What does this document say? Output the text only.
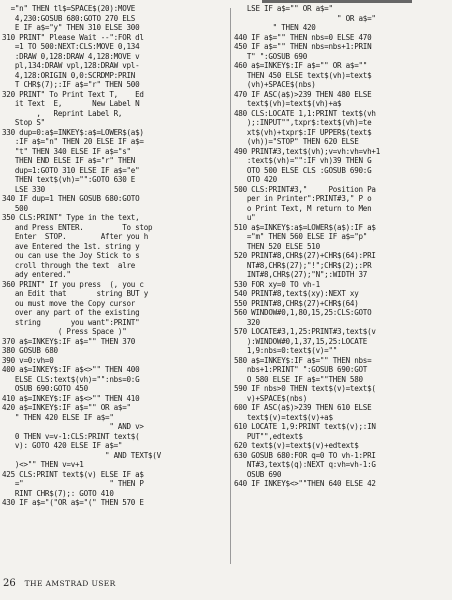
="n" THEN tl$=SPACE$(20):MOVE
4,230:GOSUB 680:GOTO 270 ELS
E IF a$="y" THEN 310 ELSE 300
310 PRINT" Please Wait --":FOR dl
=1 TO 500:NEXT:CLS:MOVE 0,134
:DRAW 0,128:DRAW 4,128:MOVE v
pl,134:DRAW vpl,128:DRAW vpl-
4,128:ORIGIN 0,0:SCRDMP:PRIN
T CHR$(7);:IF a$="r" THEN 500
320 PRINT" To Print Text T,    Ed
it Text  E,       New Label N
,   Reprint Label R,
Stop S"
330 dup=0:a$=INKEY$:a$=LOWER$(a$)
:IF a$="n" THEN 20 ELSE IF a$=
"t" THEN 340 ELSE IF a$="s"
THEN END ELSE IF a$="r" THEN
dup=1:GOTO 310 ELSE IF a$="e"
THEN text$(vh)="":GOTO 630 E
LSE 330
340 IF dup=1 THEN GOSUB 680:GOTO
500
350 CLS:PRINT" Type in the text,
and Press ENTER.         To stop
Enter  STOP.        After you h
ave Entered the 1st. string y
ou can use the Joy Stick to s
croll through the text  alre
ady entered."
360 PRINT" If you press  (, you c
an Edit that       string BUT y
ou must move the Copy cursor
over any part of the existing
string       you want":PRINT"
( Press Space )"
370 a$=INKEY$:IF a$="" THEN 370
380 GOSUB 680
390 v=0:vh=0
400 a$=INKEY$:IF a$<>"" THEN 400
ELSE CLS:text$(vh)="":nbs=0:G
OSUB 690:GOTO 450
410 a$=INKEY$:IF a$<>"" THEN 410
420 a$=INKEY$:IF a$="" OR a$="
" THEN 420 ELSE IF a$="
" AND v>
0 THEN v=v-1:CLS:PRINT text$(
v): GOTO 420 ELSE IF a$="
" AND TEXT$(V
)<>"" THEN v=v+1
425 CLS:PRINT text$(v) ELSE IF a$
="                    " THEN P
RINT CHR$(7);: GOTO 410
430 IF a$="("OR a$="(" THEN 570 E
LSE IF a$="" OR a$="
" OR a$="
" THEN 420
440 IF a$="" THEN nbs=0 ELSE 470
450 IF a$="" THEN nbs=nbs+1:PRIN
T" ":GOSUB 690
460 a$=INKEY$:IF a$="" OR a$=""
THEN 450 ELSE text$(vh)=text$
(vh)+SPACE$(nbs)
470 IF ASC(a$)>239 THEN 480 ELSE
text$(vh)=text$(vh)+a$
480 CLS:LOCATE 1,1:PRINT text$(vh
);:INPUT"",txpr$:text$(vh)=te
xt$(vh)+txpr$:IF UPPER$(text$
(vh))="STOP" THEN 620 ELSE
490 PRINT#3,text$(vh);v=vh:vh=vh+1
:text$(vh)="":IF vh)39 THEN G
OTO 500 ELSE CLS :GOSUB 690:G
OTO 420
500 CLS:PRINT#3,"     Position Pa
per in Printer":PRINT#3," P o
o Print Text, M return to Men
u"
510 a$=INKEY$:a$=LOWER$(a$):IF a$
="m" THEN 560 ELSE IF a$="p"
THEN 520 ELSE 510
520 PRINT#8,CHR$(27)+CHR$(64):PRI
NT#8,CHR$(27);"!";CHR$(2);:PR
INT#8,CHR$(27);"N";:WIDTH 37
530 FOR xy=0 TO vh-1
540 PRINT#8,text$(xy):NEXT xy
550 PRINT#8,CHR$(27)+CHR$(64)
560 WINDOW#0,1,80,15,25:CLS:GOTO
320
570 LOCATE#3,1,25:PRINT#3,text$(v
):WINDOW#0,1,37,15,25:LOCATE
1,9:nbs=0:text$(v)=""
580 a$=INKEY$:IF a$="" THEN nbs=
nbs+1:PRINT" ":GOSUB 690:GOT
O 580 ELSE IF a$=""THEN 580
590 IF nbs>0 THEN text$(v)=text$(
v)+SPACE$(nbs)
600 IF ASC(a$)>239 THEN 610 ELSE
text$(v)=text$(v)+a$
610 LOCATE 1,9:PRINT text$(v);:IN
PUT"",edtext$
620 text$(v)=text$(v)+edtext$
630 GOSUB 680:FOR q=0 TO vh-1:PRI
NT#3,text$(q):NEXT q:vh=vh-1:G
OSUB 690
640 IF INKEY$<>""THEN 640 ELSE 42
26 THE AMSTRAD USER
